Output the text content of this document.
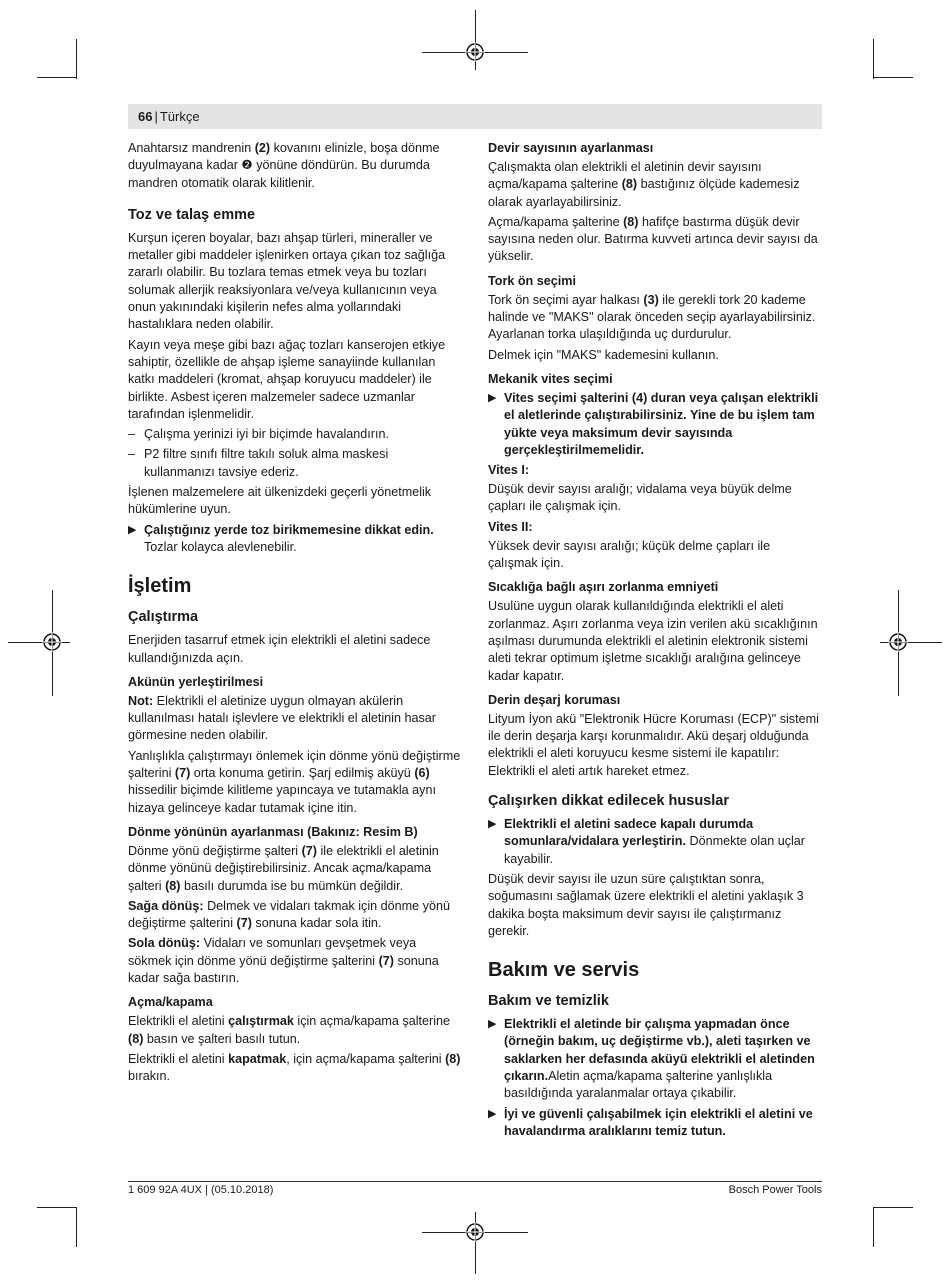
66 | Türkçe

Anahtarsız mandrenin (2) kovanını elinizle, boşa dönme duyulmayana kadar ❷ yönüne döndürün. Bu durumda mandren otomatik olarak kilitlenir.

Toz ve talaş emme

Kurşun içeren boyalar, bazı ahşap türleri, mineraller ve metaller gibi maddeler işlenirken ortaya çıkan toz sağlığa zararlı olabilir. Bu tozlara temas etmek veya bu tozları solumak allerjik reaksiyonlara ve/veya kullanıcının veya onun yakınındaki kişilerin nefes alma yollarındaki hastalıklara neden olabilir.

Kayın veya meşe gibi bazı ağaç tozları kanserojen etkiye sahiptir, özellikle de ahşap işleme sanayiinde kullanılan katkı maddeleri (kromat, ahşap koruyucu maddeler) ile birlikte. Asbest içeren malzemeler sadece uzmanlar tarafından işlenmelidir.

– Çalışma yerinizi iyi bir biçimde havalandırın.
– P2 filtre sınıfı filtre takılı soluk alma maskesi kullanmanızı tavsiye ederiz.

İşlenen malzemelere ait ülkenizdeki geçerli yönetmelik hükümlerine uyun.

▶ Çalıştığınız yerde toz birikmemesine dikkat edin. Tozlar kolayca alevlenebilir.
İşletim
Çalıştırma

Enerjiden tasarruf etmek için elektrikli el aletini sadece kullandığınızda açın.

Akünün yerleştirilmesi

Not: Elektrikli el aletinize uygun olmayan akülerin kullanılması hatalı işlevlere ve elektrikli el aletinin hasar görmesine neden olabilir.

Yanlışlıkla çalıştırmayı önlemek için dönme yönü değiştirme şalterini (7) orta konuma getirin. Şarj edilmiş aküyü (6) hissedilir biçimde kilitleme yapıncaya ve tutamakla aynı hizaya gelinceye kadar tutamak içine itin.

Dönme yönünün ayarlanması (Bakınız: Resim B)

Dönme yönü değiştirme şalteri (7) ile elektrikli el aletinin dönme yönünü değiştirebilirsiniz. Ancak açma/kapama şalteri (8) basılı durumda ise bu mümkün değildir.

Sağa dönüş: Delmek ve vidaları takmak için dönme yönü değiştirme şalterini (7) sonuna kadar sola itin.

Sola dönüş: Vidaları ve somunları gevşetmek veya sökmek için dönme yönü değiştirme şalterini (7) sonuna kadar sağa bastırın.

Açma/kapama

Elektrikli el aletini çalıştırmak için açma/kapama şalterine (8) basın ve şalteri basılı tutun.

Elektrikli el aletini kapatmak, için açma/kapama şalterini (8) bırakın.

Devir sayısının ayarlanması

Çalışmakta olan elektrikli el aletinin devir sayısını açma/kapama şalterine (8) bastığınız ölçüde kademesiz olarak ayarlayabilirsiniz.

Açma/kapama şalterine (8) hafifçe bastırma düşük devir sayısına neden olur. Batırma kuvveti artınca devir sayısı da yükselir.

Tork ön seçimi

Tork ön seçimi ayar halkası (3) ile gerekli tork 20 kademe halinde ve "MAKS" olarak önceden seçip ayarlayabilirsiniz. Ayarlanan torka ulaşıldığında uç durdurulur.

Delmek için "MAKS" kademesini kullanın.

Mekanik vites seçimi
▶ Vites seçimi şalterini (4) duran veya çalışan elektrikli el aletlerinde çalıştırabilirsiniz. Yine de bu işlem tam yükte veya maksimum devir sayısında gerçekleştirilmemelidir.
Vites I:

Düşük devir sayısı aralığı; vidalama veya büyük delme çapları ile çalışmak için.

Vites II:

Yüksek devir sayısı aralığı; küçük delme çapları ile çalışmak için.

Sıcaklığa bağlı aşırı zorlanma emniyeti

Usulüne uygun olarak kullanıldığında elektrikli el aleti zorlanmaz. Aşırı zorlanma veya izin verilen akü sıcaklığının aşılması durumunda elektrikli el aletinin elektronik sistemi aleti tekrar optimum işletme sıcaklığı aralığına gelinceye kadar kapatır.

Derin deşarj koruması

Lityum İyon akü "Elektronik Hücre Koruması (ECP)" sistemi ile derin deşarja karşı korunmalıdır. Akü deşarj olduğunda elektrikli el aleti koruyucu kesme sistemi ile kapatılır: Elektrikli el aleti artık hareket etmez.

Çalışırken dikkat edilecek hususlar
▶ Elektrikli el aletini sadece kapalı durumda somunlara/vidalara yerleştirin. Dönmekte olan uçlar kayabilir.

Düşük devir sayısı ile uzun süre çalıştıktan sonra, soğumasını sağlamak üzere elektrikli el aletini yaklaşık 3 dakika boşta maksimum devir sayısı ile çalıştırmanız gerekir.

Bakım ve servis
Bakım ve temizlik
▶ Elektrikli el aletinde bir çalışma yapmadan önce (örneğin bakım, uç değiştirme vb.), aleti taşırken ve saklarken her defasında aküyü elektrikli el aletinden çıkarın.Aletin açma/kapama şalterine yanlışlıkla basıldığında yaralanmalar ortaya çıkabilir.
▶ İyi ve güvenli çalışabilmek için elektrikli el aletini ve havalandırma aralıklarını temiz tutun.
1 609 92A 4UX | (05.10.2018)	Bosch Power Tools
